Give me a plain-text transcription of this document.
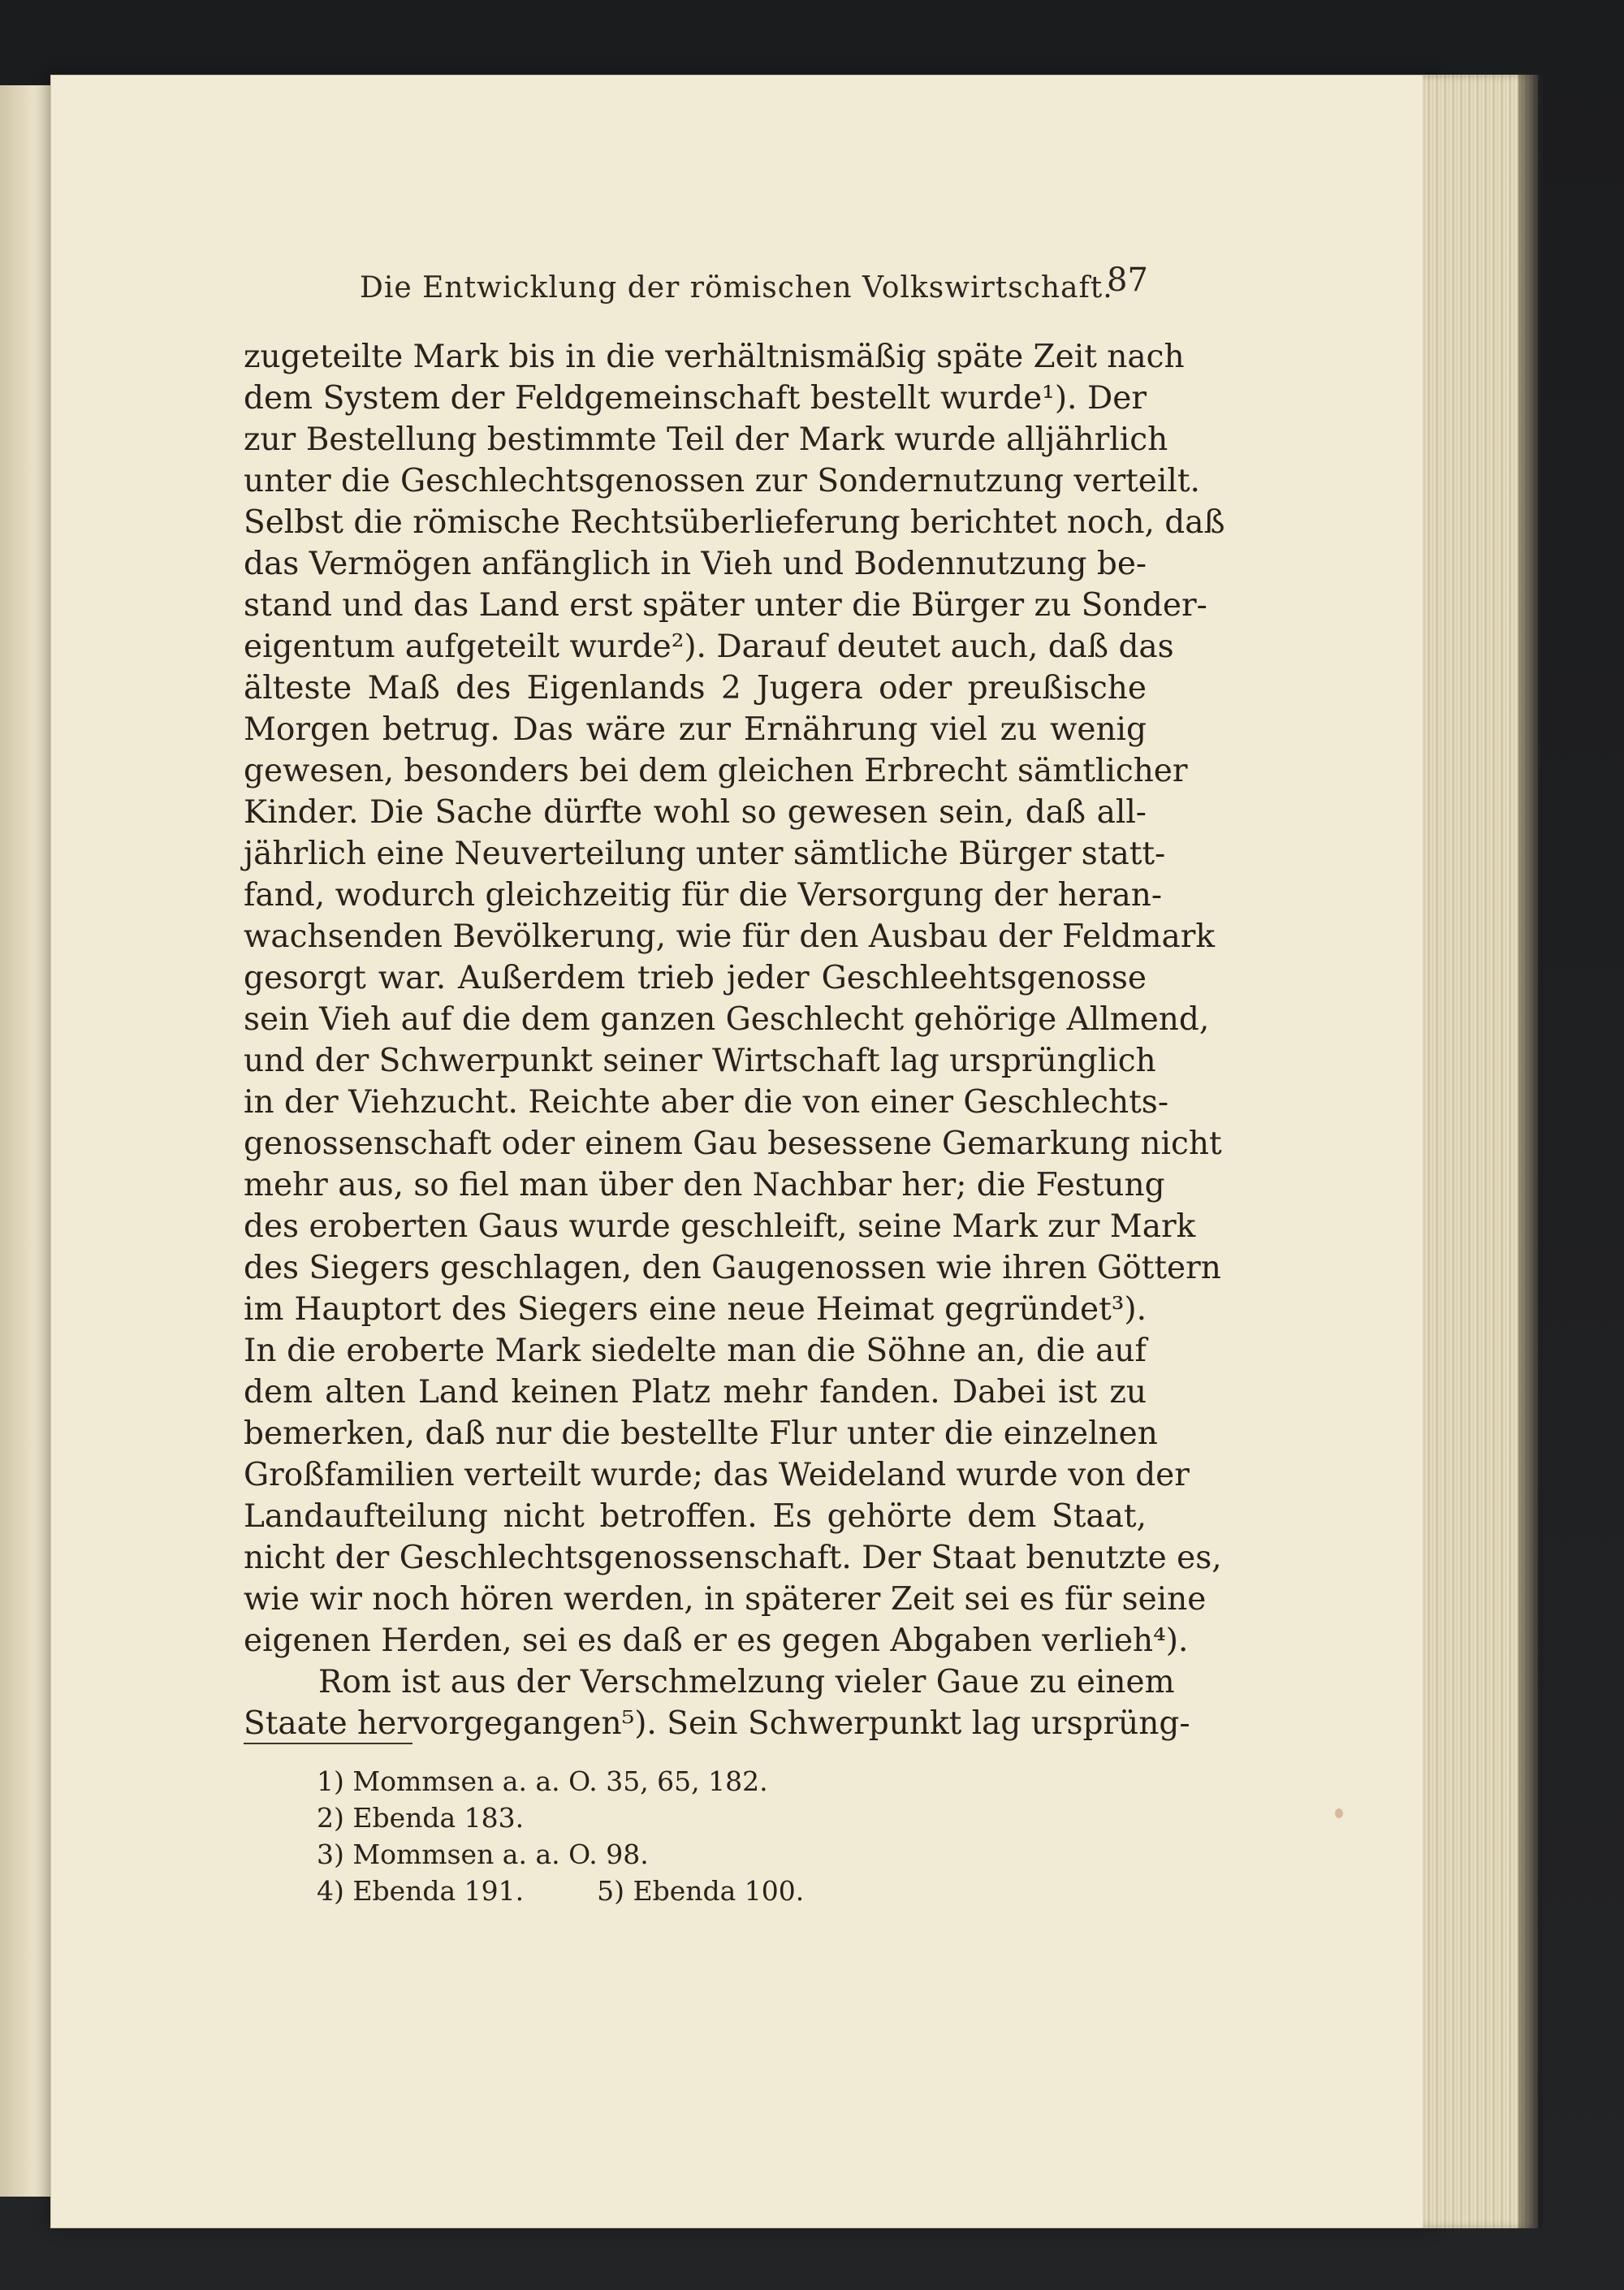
Die Entwicklung der römischen Volkswirtschaft.
87
zugeteilte Mark bis in die verhältnismäßig späte Zeit nach
dem System der Feldgemeinschaft bestellt wurde¹). Der
zur Bestellung bestimmte Teil der Mark wurde alljährlich
unter die Geschlechtsgenossen zur Sondernutzung verteilt.
Selbst die römische Rechtsüberlieferung berichtet noch, daß
das Vermögen anfänglich in Vieh und Bodennutzung be-
stand und das Land erst später unter die Bürger zu Sonder-
eigentum aufgeteilt wurde²). Darauf deutet auch, daß das
älteste Maß des Eigenlands 2 Jugera oder preußische
Morgen betrug. Das wäre zur Ernährung viel zu wenig
gewesen, besonders bei dem gleichen Erbrecht sämtlicher
Kinder. Die Sache dürfte wohl so gewesen sein, daß all-
jährlich eine Neuverteilung unter sämtliche Bürger statt-
fand, wodurch gleichzeitig für die Versorgung der heran-
wachsenden Bevölkerung, wie für den Ausbau der Feldmark
gesorgt war. Außerdem trieb jeder Geschleehtsgenosse
sein Vieh auf die dem ganzen Geschlecht gehörige Allmend,
und der Schwerpunkt seiner Wirtschaft lag ursprünglich
in der Viehzucht. Reichte aber die von einer Geschlechts-
genossenschaft oder einem Gau besessene Gemarkung nicht
mehr aus, so fiel man über den Nachbar her; die Festung
des eroberten Gaus wurde geschleift, seine Mark zur Mark
des Siegers geschlagen, den Gaugenossen wie ihren Göttern
im Hauptort des Siegers eine neue Heimat gegründet³).
In die eroberte Mark siedelte man die Söhne an, die auf
dem alten Land keinen Platz mehr fanden. Dabei ist zu
bemerken, daß nur die bestellte Flur unter die einzelnen
Großfamilien verteilt wurde; das Weideland wurde von der
Landaufteilung nicht betroffen. Es gehörte dem Staat,
nicht der Geschlechtsgenossenschaft. Der Staat benutzte es,
wie wir noch hören werden, in späterer Zeit sei es für seine
eigenen Herden, sei es daß er es gegen Abgaben verlieh⁴).
Rom ist aus der Verschmelzung vieler Gaue zu einem
Staate hervorgegangen⁵). Sein Schwerpunkt lag ursprüng-
1) Mommsen a. a. O. 35, 65, 182.
2) Ebenda 183.
3) Mommsen a. a. O. 98.
4) Ebenda 191.	5) Ebenda 100.
